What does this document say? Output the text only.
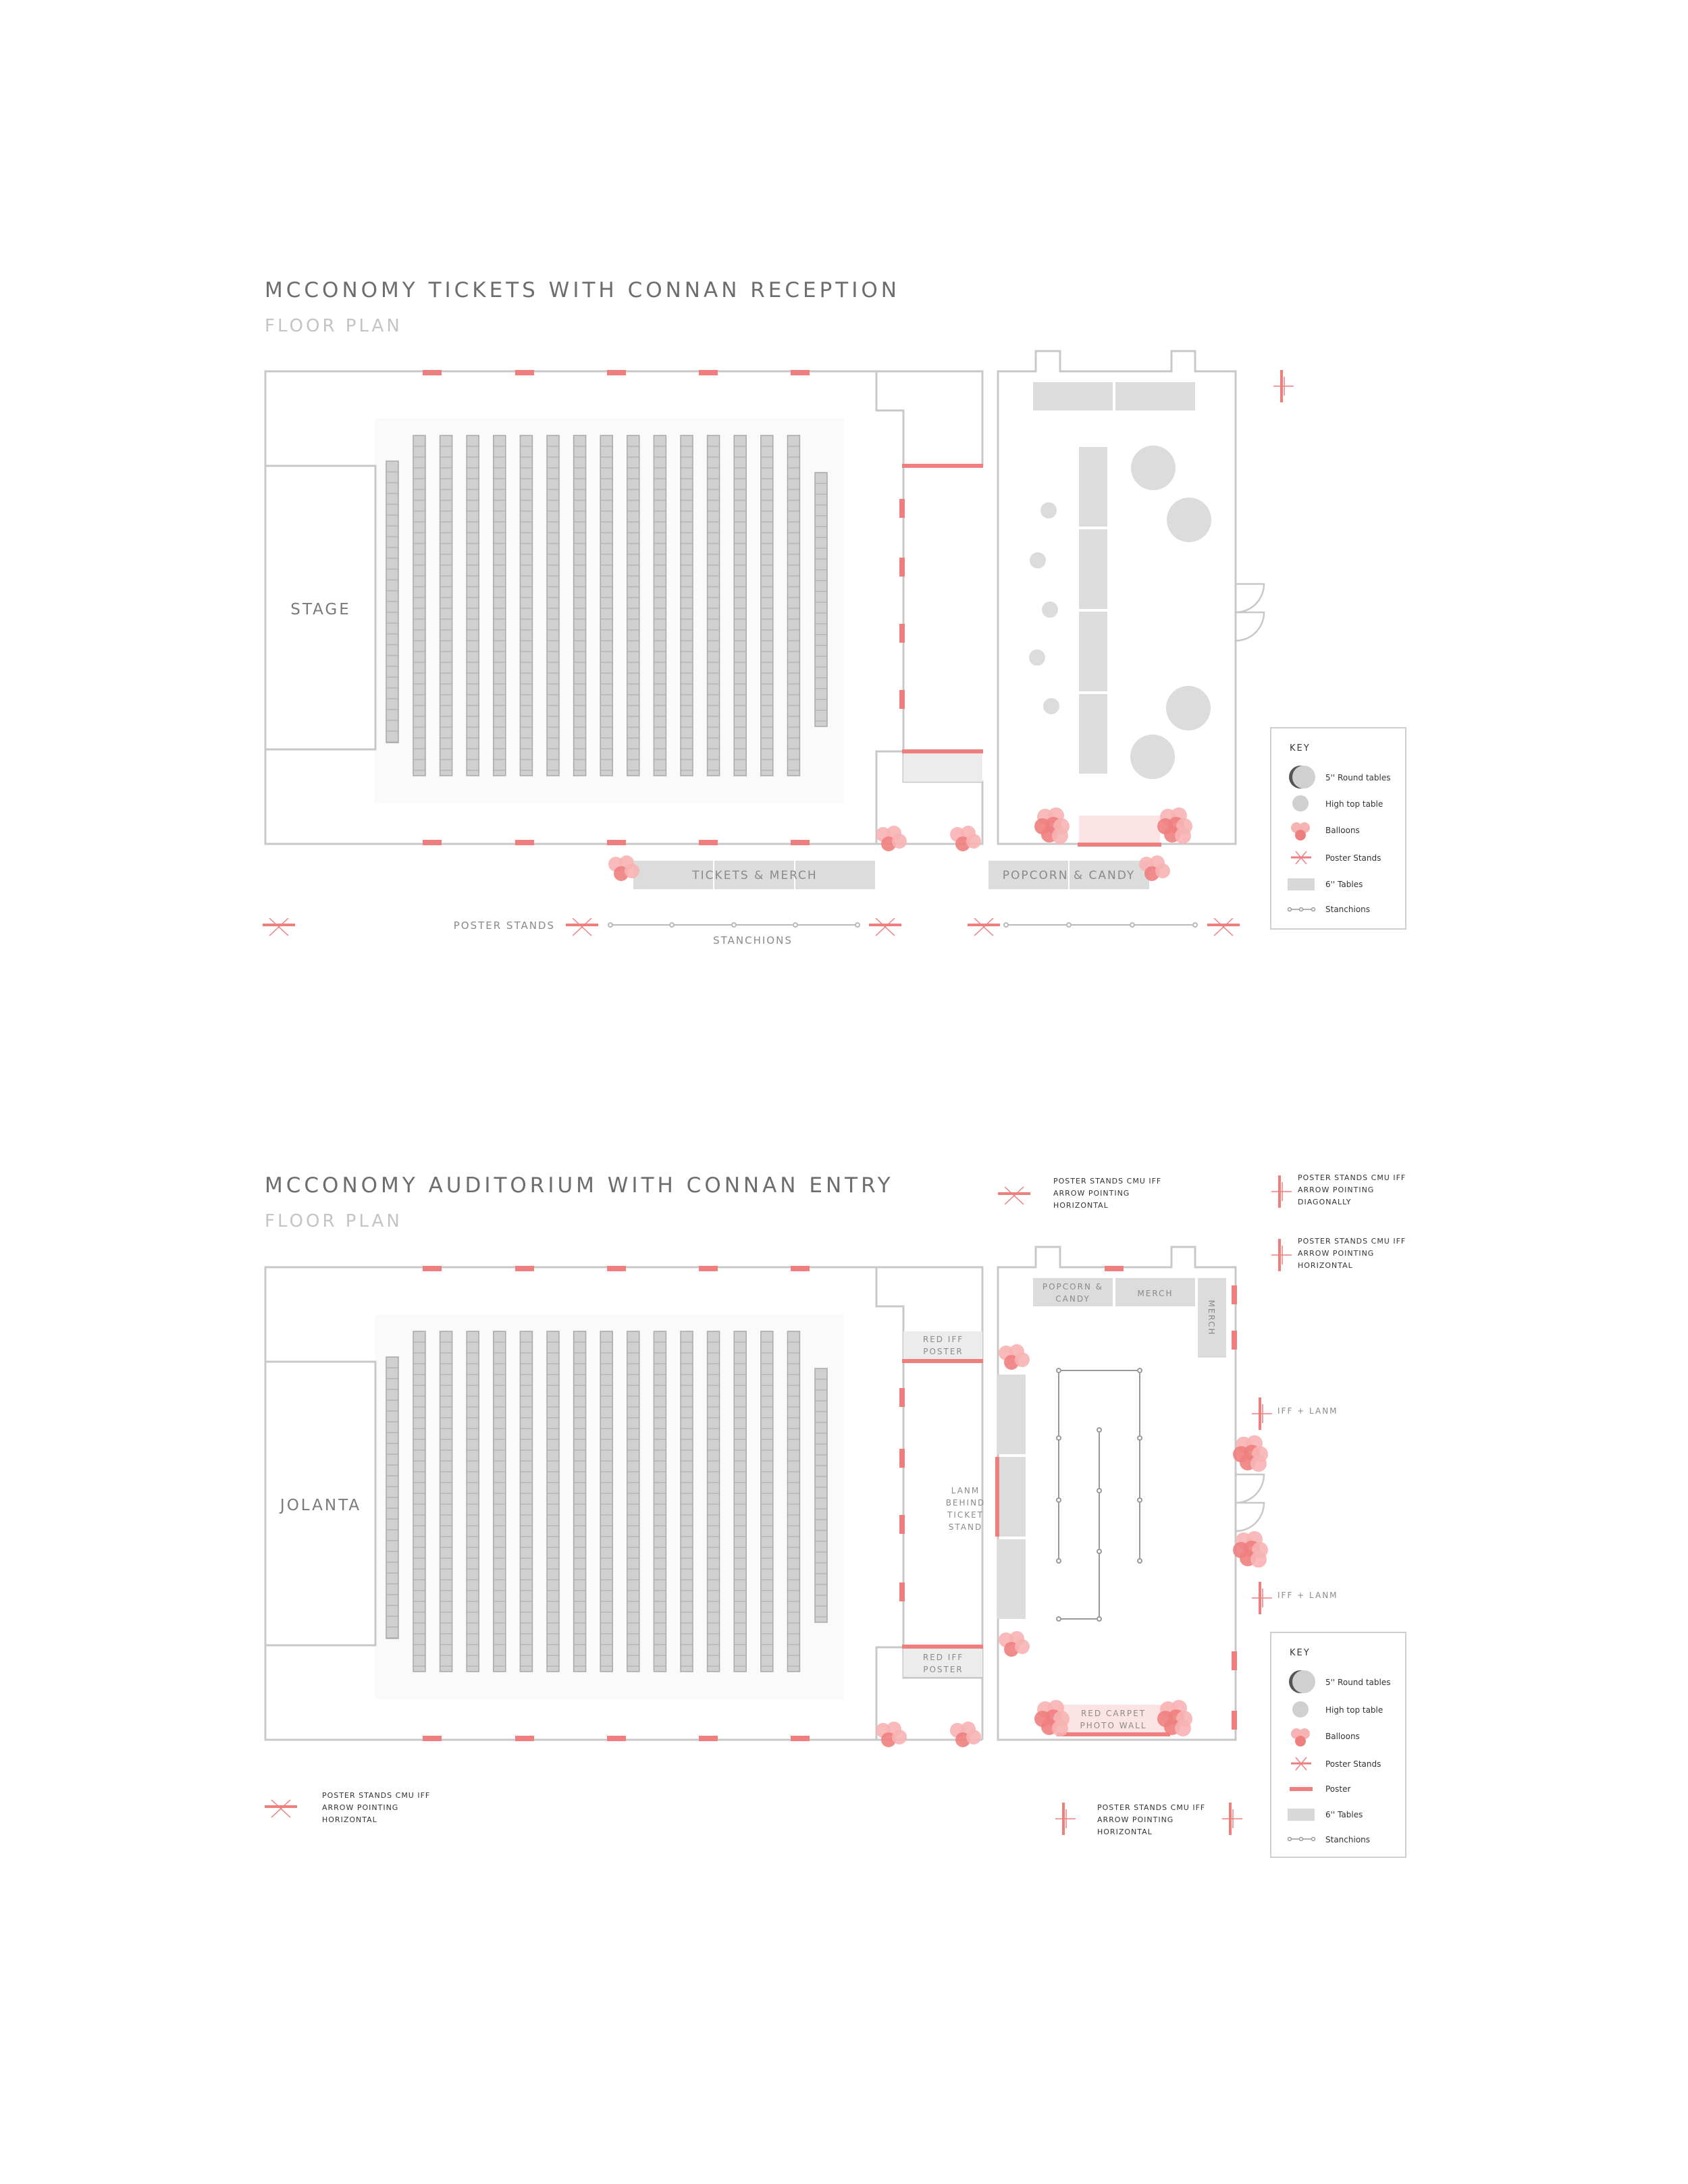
MCCONOMY TICKETS WITH CONNAN RECEPTION
FLOOR PLAN
STAGE
TICKETS & MERCH	POPCORN & CANDY
POSTER STANDS
STANCHIONS
KEY
5'' Round tables
High top table
Balloons
Poster Stands
6'' Tables
Stanchions
MCCONOMY AUDITORIUM WITH CONNAN ENTRY
FLOOR PLAN
JOLANTA
RED IFF
POSTER
RED IFF
POSTER
LANM
BEHIND
TICKET
STAND
POPCORN &
CANDY
MERCH
MERCH
RED CARPET
PHOTO WALL
POSTER STANDS CMU IFF
ARROW POINTING
HORIZONTAL
POSTER STANDS CMU IFF
ARROW POINTING
DIAGONALLY
POSTER STANDS CMU IFF
ARROW POINTING
HORIZONTAL
POSTER STANDS CMU IFF
ARROW POINTING
HORIZONTAL
POSTER STANDS CMU IFF
ARROW POINTING
HORIZONTAL
IFF + LANM
IFF + LANM
KEY
5'' Round tables
High top table
Balloons
Poster Stands
Poster
6'' Tables
Stanchions
